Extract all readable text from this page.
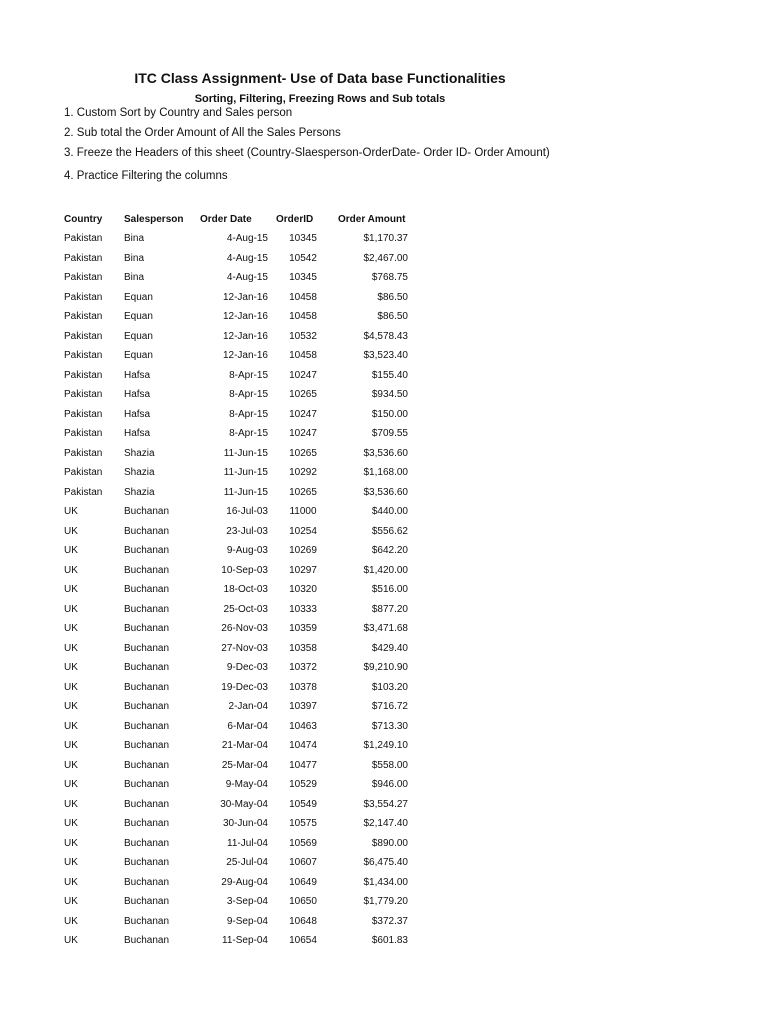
ITC Class Assignment- Use of Data base Functionalities
Sorting, Filtering, Freezing Rows and Sub totals
1. Custom Sort by Country and Sales person
2. Sub total the Order Amount of All the Sales Persons
3. Freeze the Headers of this sheet (Country-Slaesperson-OrderDate- Order ID- Order Amount)
4. Practice Filtering the columns
Country	Salesperson	Order Date	OrderID	Order Amount
Pakistan	Bina	4-Aug-15	10345	$1,170.37
Pakistan	Bina	4-Aug-15	10542	$2,467.00
Pakistan	Bina	4-Aug-15	10345	$768.75
Pakistan	Equan	12-Jan-16	10458	$86.50
Pakistan	Equan	12-Jan-16	10458	$86.50
Pakistan	Equan	12-Jan-16	10532	$4,578.43
Pakistan	Equan	12-Jan-16	10458	$3,523.40
Pakistan	Hafsa	8-Apr-15	10247	$155.40
Pakistan	Hafsa	8-Apr-15	10265	$934.50
Pakistan	Hafsa	8-Apr-15	10247	$150.00
Pakistan	Hafsa	8-Apr-15	10247	$709.55
Pakistan	Shazia	11-Jun-15	10265	$3,536.60
Pakistan	Shazia	11-Jun-15	10292	$1,168.00
Pakistan	Shazia	11-Jun-15	10265	$3,536.60
UK	Buchanan	16-Jul-03	11000	$440.00
UK	Buchanan	23-Jul-03	10254	$556.62
UK	Buchanan	9-Aug-03	10269	$642.20
UK	Buchanan	10-Sep-03	10297	$1,420.00
UK	Buchanan	18-Oct-03	10320	$516.00
UK	Buchanan	25-Oct-03	10333	$877.20
UK	Buchanan	26-Nov-03	10359	$3,471.68
UK	Buchanan	27-Nov-03	10358	$429.40
UK	Buchanan	9-Dec-03	10372	$9,210.90
UK	Buchanan	19-Dec-03	10378	$103.20
UK	Buchanan	2-Jan-04	10397	$716.72
UK	Buchanan	6-Mar-04	10463	$713.30
UK	Buchanan	21-Mar-04	10474	$1,249.10
UK	Buchanan	25-Mar-04	10477	$558.00
UK	Buchanan	9-May-04	10529	$946.00
UK	Buchanan	30-May-04	10549	$3,554.27
UK	Buchanan	30-Jun-04	10575	$2,147.40
UK	Buchanan	11-Jul-04	10569	$890.00
UK	Buchanan	25-Jul-04	10607	$6,475.40
UK	Buchanan	29-Aug-04	10649	$1,434.00
UK	Buchanan	3-Sep-04	10650	$1,779.20
UK	Buchanan	9-Sep-04	10648	$372.37
UK	Buchanan	11-Sep-04	10654	$601.83
